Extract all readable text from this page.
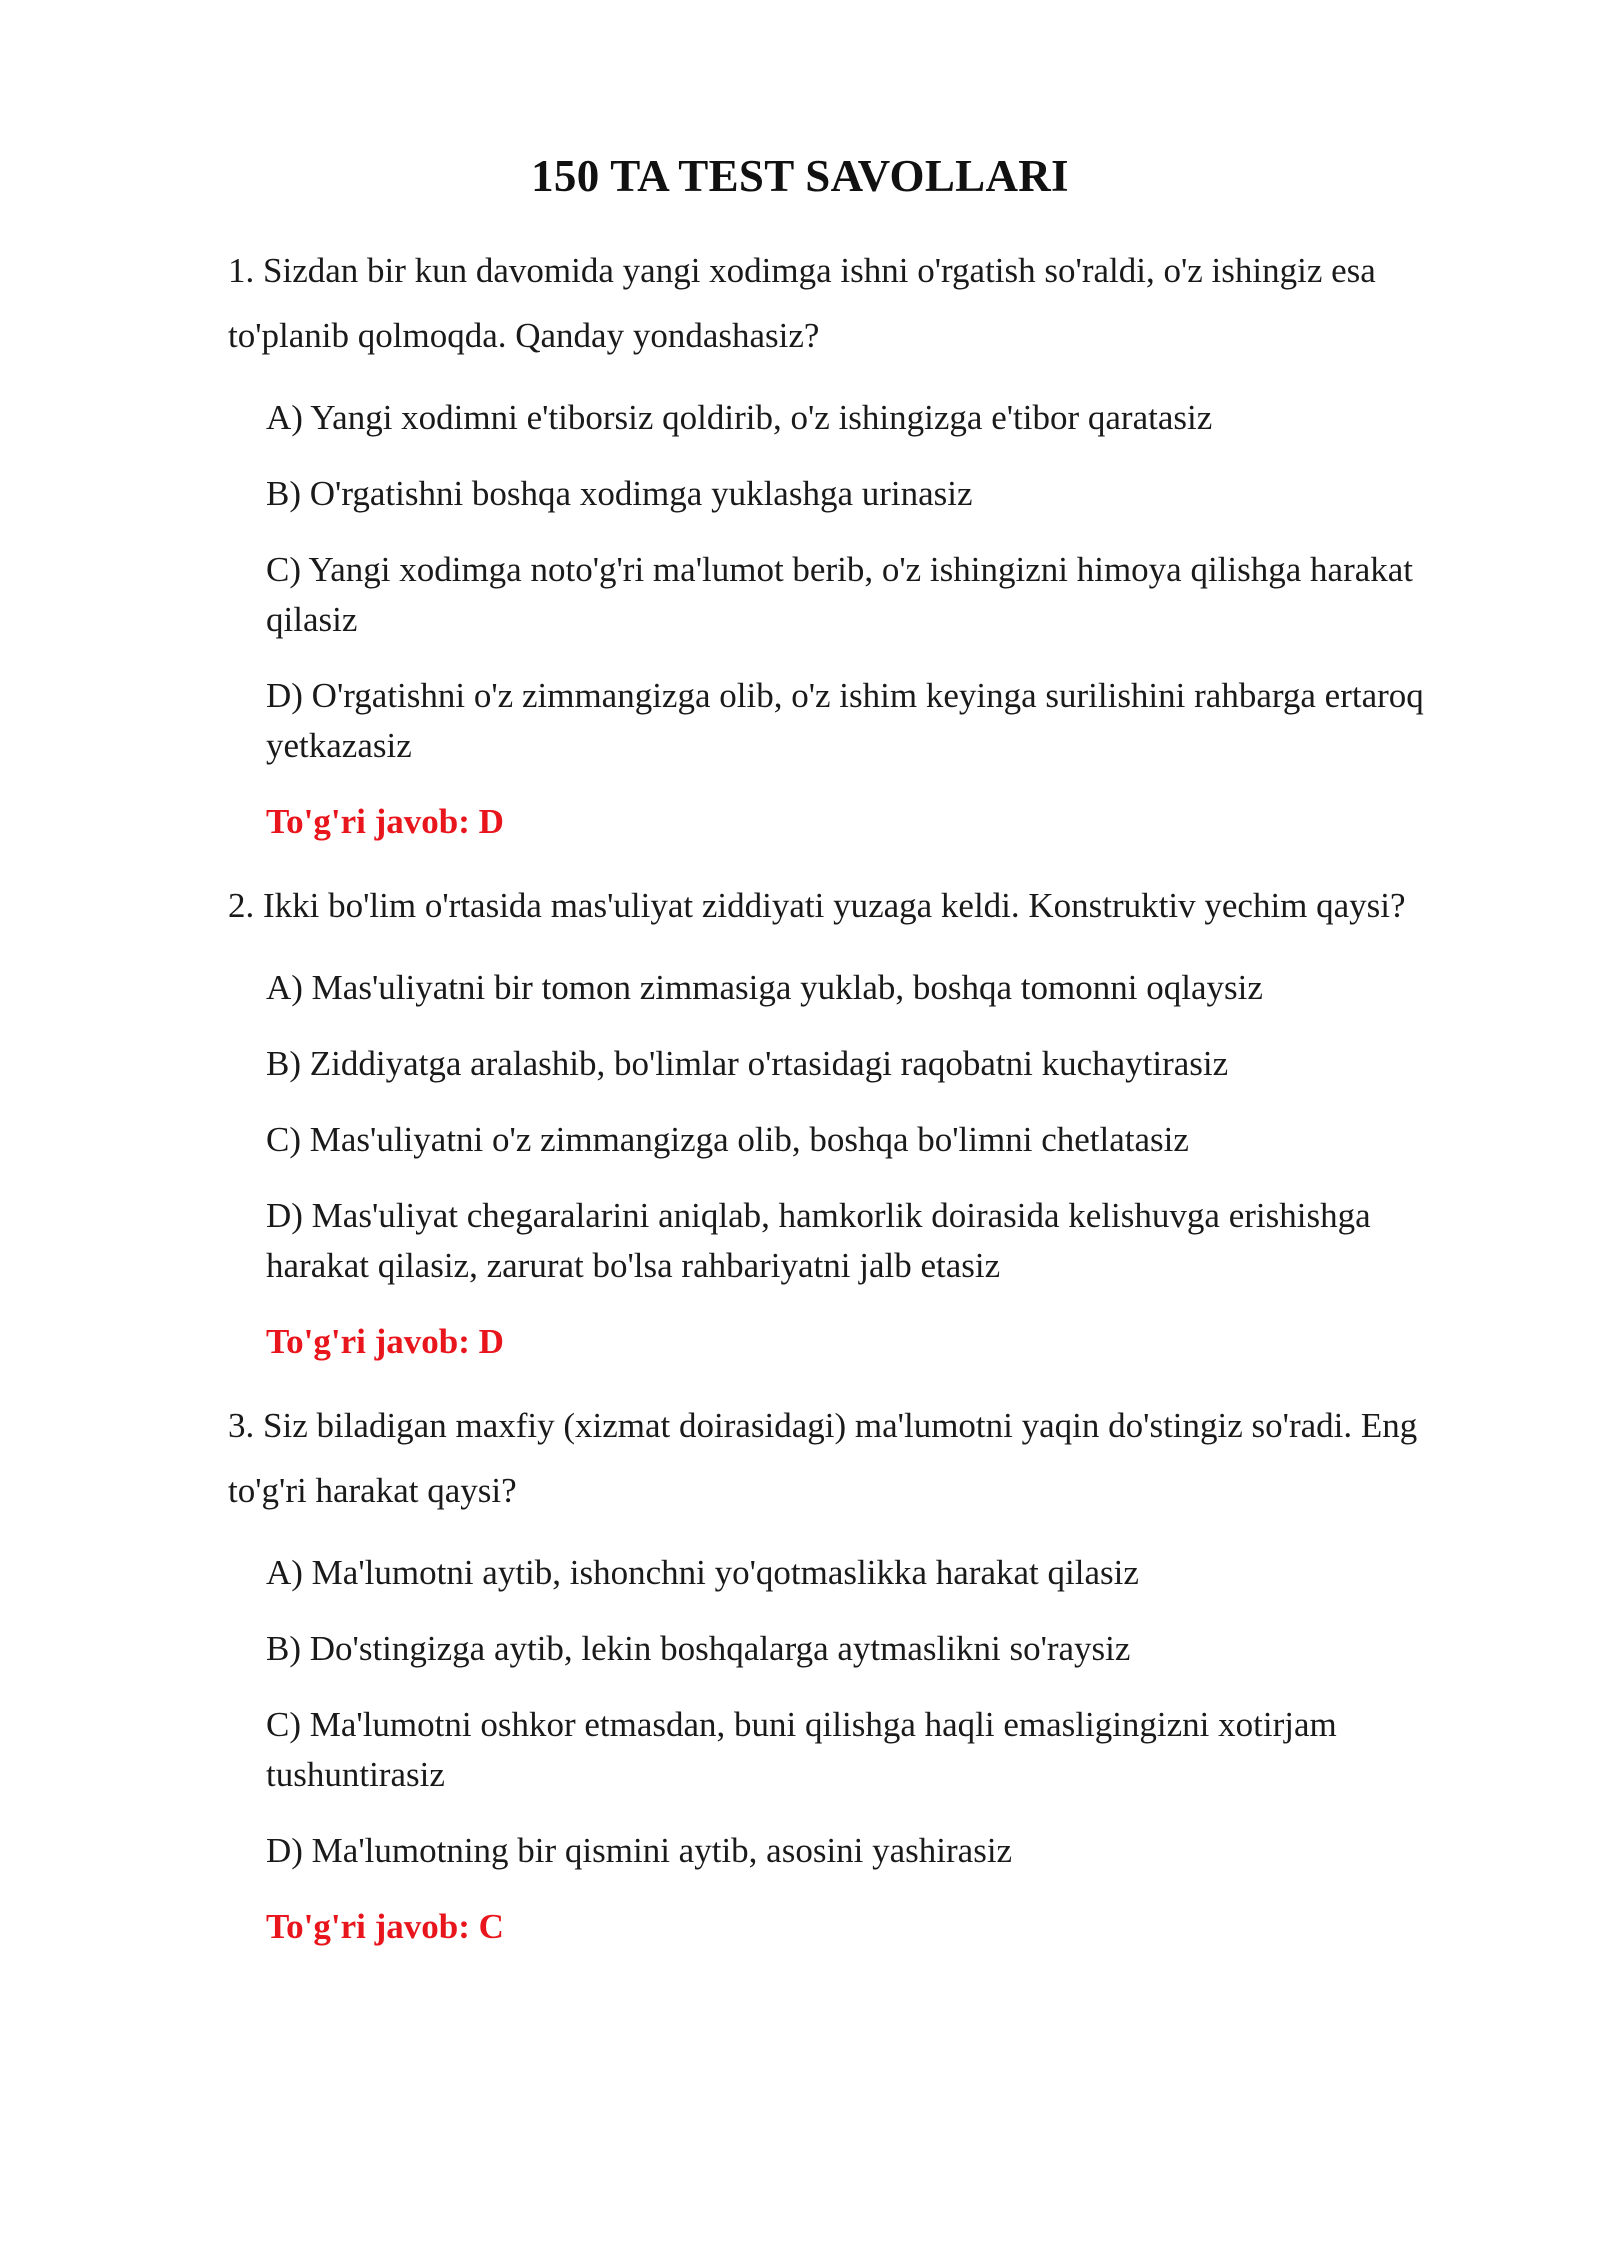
150 TA TEST SAVOLLARI

1. Sizdan bir kun davomida yangi xodimga ishni o'rgatish so'raldi, o'z ishingiz esa to'planib qolmoqda. Qanday yondashasiz?

A) Yangi xodimni e'tiborsiz qoldirib, o'z ishingizga e'tibor qaratasiz

B) O'rgatishni boshqa xodimga yuklashga urinasiz

C) Yangi xodimga noto'g'ri ma'lumot berib, o'z ishingizni himoya qilishga harakat qilasiz

D) O'rgatishni o'z zimmangizga olib, o'z ishim keyinga surilishini rahbarga ertaroq yetkazasiz

To'g'ri javob: D

2. Ikki bo'lim o'rtasida mas'uliyat ziddiyati yuzaga keldi. Konstruktiv yechim qaysi?

A) Mas'uliyatni bir tomon zimmasiga yuklab, boshqa tomonni oqlaysiz

B) Ziddiyatga aralashib, bo'limlar o'rtasidagi raqobatni kuchaytirasiz

C) Mas'uliyatni o'z zimmangizga olib, boshqa bo'limni chetlatasiz

D) Mas'uliyat chegaralarini aniqlab, hamkorlik doirasida kelishuvga erishishga harakat qilasiz, zarurat bo'lsa rahbariyatni jalb etasiz

To'g'ri javob: D

3. Siz biladigan maxfiy (xizmat doirasidagi) ma'lumotni yaqin do'stingiz so'radi. Eng to'g'ri harakat qaysi?

A) Ma'lumotni aytib, ishonchni yo'qotmaslikka harakat qilasiz

B) Do'stingizga aytib, lekin boshqalarga aytmaslikni so'raysiz

C) Ma'lumotni oshkor etmasdan, buni qilishga haqli emasligingizni xotirjam tushuntirasiz

D) Ma'lumotning bir qismini aytib, asosini yashirasiz

To'g'ri javob: C
